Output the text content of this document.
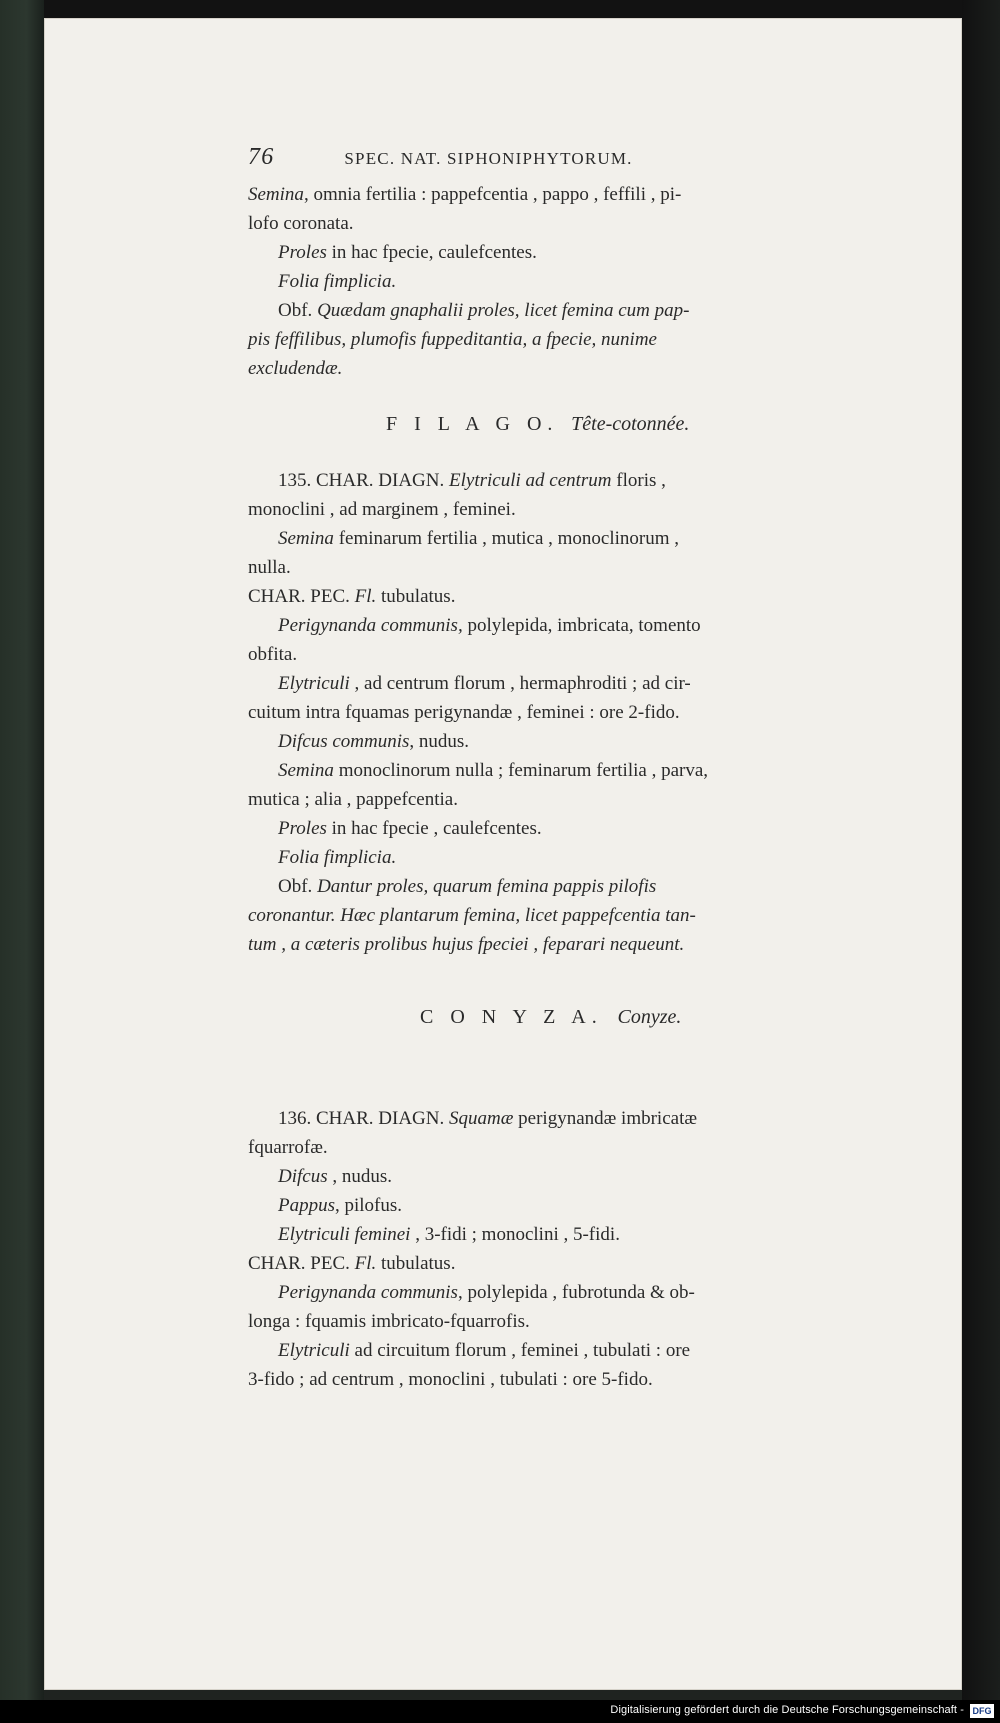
76	SPEC. NAT. SIPHONIPHYTORUM.
Semina, omnia fertilia : pappefcentia , pappo , feffili , pi-
lofo coronata.
Proles in hac fpecie, caulefcentes.
Folia fimplicia.
Obf. Quædam gnaphalii proles, licet femina cum pap-
pis feffilibus, plumofis fuppeditantia, a fpecie, nunime
excludendæ.
F I L A G O. Tête-cotonnée.
135. CHAR. DIAGN. Elytriculi ad centrum floris ,
monoclini , ad marginem , feminei.
Semina feminarum fertilia , mutica , monoclinorum ,
nulla.
CHAR. PEC. Fl. tubulatus.
Perigynanda communis, polylepida, imbricata, tomento
obfita.
Elytriculi , ad centrum florum , hermaphroditi ; ad cir-
cuitum intra fquamas perigynandæ , feminei : ore 2-fido.
Difcus communis, nudus.
Semina monoclinorum nulla ; feminarum fertilia , parva,
mutica ; alia , pappefcentia.
Proles in hac fpecie , caulefcentes.
Folia fimplicia.
Obf. Dantur proles, quarum femina pappis pilofis
coronantur. Hæc plantarum femina, licet pappefcentia tan-
tum , a cæteris prolibus hujus fpeciei , feparari nequeunt.
C O N Y Z A. Conyze.
136. CHAR. DIAGN. Squamæ perigynandæ imbricatæ
fquarrofæ.
Difcus , nudus.
Pappus, pilofus.
Elytriculi feminei , 3-fidi ; monoclini , 5-fidi.
CHAR. PEC. Fl. tubulatus.
Perigynanda communis, polylepida , fubrotunda & ob-
longa : fquamis imbricato-fquarrofis.
Elytriculi ad circuitum florum , feminei , tubulati : ore
3-fido ; ad centrum , monoclini , tubulati : ore 5-fido.
Digitalisierung gefördert durch die Deutsche Forschungsgemeinschaft - DFG
